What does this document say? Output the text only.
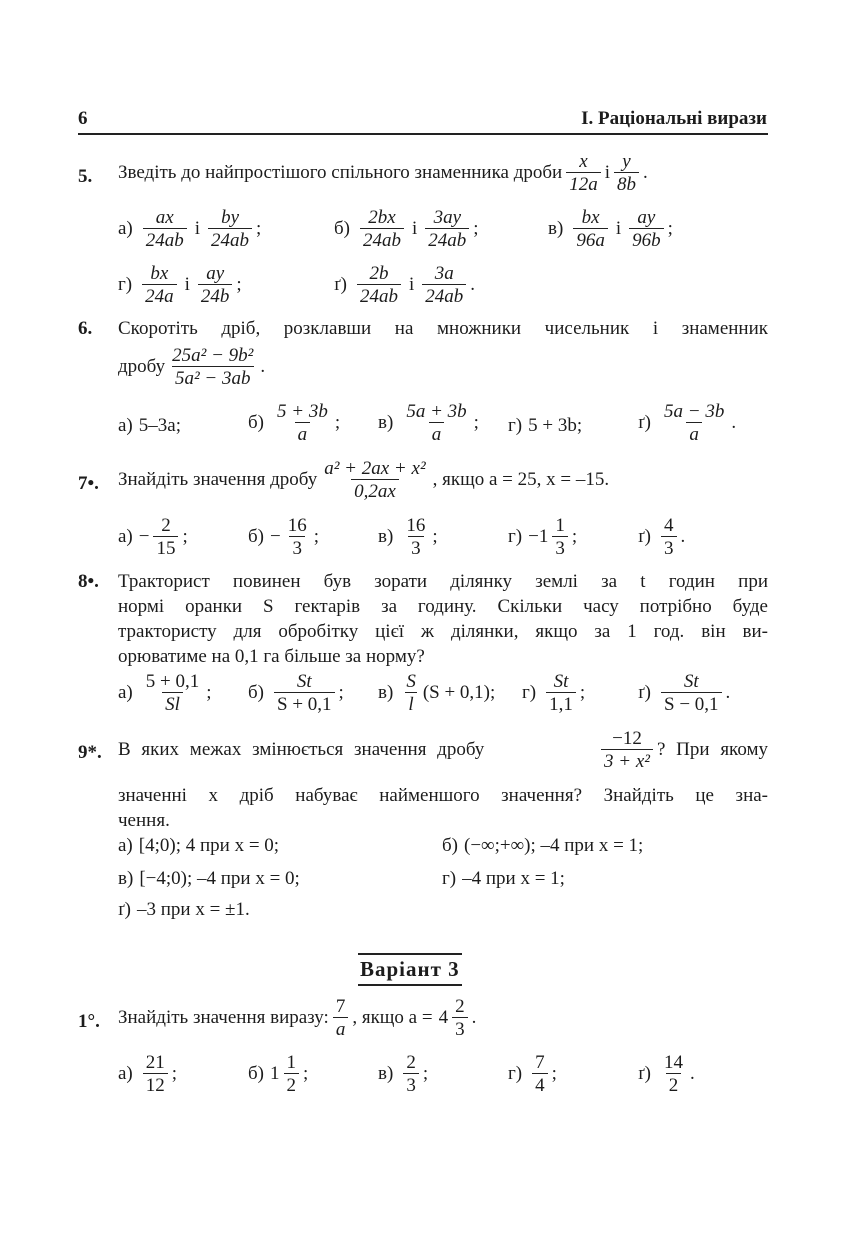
6	I. Раціональні вирази
5. Зведіть до найпростішого спільного знаменника дроби $\frac{x}{12a}$ і $\frac{y}{8b}$ .
$а) \frac{ax}{24ab}$ і $\frac{by}{24ab}$ ;	$б) \frac{2bx}{24ab}$ і $\frac{3ay}{24ab}$ ;	$в) \frac{bx}{96a}$ і $\frac{ay}{96b}$ ;
$г) \frac{bx}{24a}$ і $\frac{ay}{24b}$ ;	$ґ) \frac{2b}{24ab}$ і $\frac{3a}{24ab}$ .
6. Скоротіть дріб, розклавши на множники чисельник і знаменник
дробу $\frac{\text{25a² − 9b²}}{\text{5a² − 3ab}}$ .
а) 5–3a;	$б) \frac{5 + 3b}{a}$ ; $в) \frac{5a + 3b}{a}$ ; г) 5 + 3b;	$ґ) \frac{5a - 3b}{a}$ .
7•. Знайдіть значення дробу $\frac{\text{a² + 2ax + x²}}{0,2ax}$ , якщо a = 25, x = –15.
$а) - \frac{2}{15}$ ;	$б) - \frac{16}{3}$ ;	$в) \frac{16}{3}$ ;	$г) -1 \frac{1}{3}$ ;	$ґ) \frac{4}{3}$ .
8•. Тракторист повинен був зорати ділянку землі за t годин при
нормі оранки S гектарів за годину. Скільки часу потрібно буде
трактористу для обробітку цієї ж ділянки, якщо за 1 год. він ви-
орюватиме на 0,1 га більше за норму?
$а) \frac{5 + 0,1}{Sl}$ ; $б) \frac{St}{S + 0,1}$ ; $в) \frac{S}{l} (S + 0,1)$; $г) \frac{St}{1,1}$ ;	$ґ) \frac{St}{S - 0,1}$ .
9*. В яких межах змінюється значення дробу	$\frac{-12}{\text{3 + x²}}$ ? При якому
значенні x дріб набуває найменшого значення? Знайдіть це зна-
чення.
а) [4;0); 4 при x = 0;	б) (−∞;+∞); –4 при x = 1;
в) [−4;0); –4 при x = 0;	г) –4 при x = 1;
ґ) –3 при x = ±1.
Варіант 3
1°. Знайдіть значення виразу: $\frac{7}{a}$ , якщо $a = 4 \frac{2}{3}$ .
$а) \frac{21}{12}$ ;	б) $1 \frac{1}{2}$ ;	$в) \frac{2}{3}$ ;	$г) \frac{7}{4}$ ;	$ґ) \frac{14}{2}$ .
